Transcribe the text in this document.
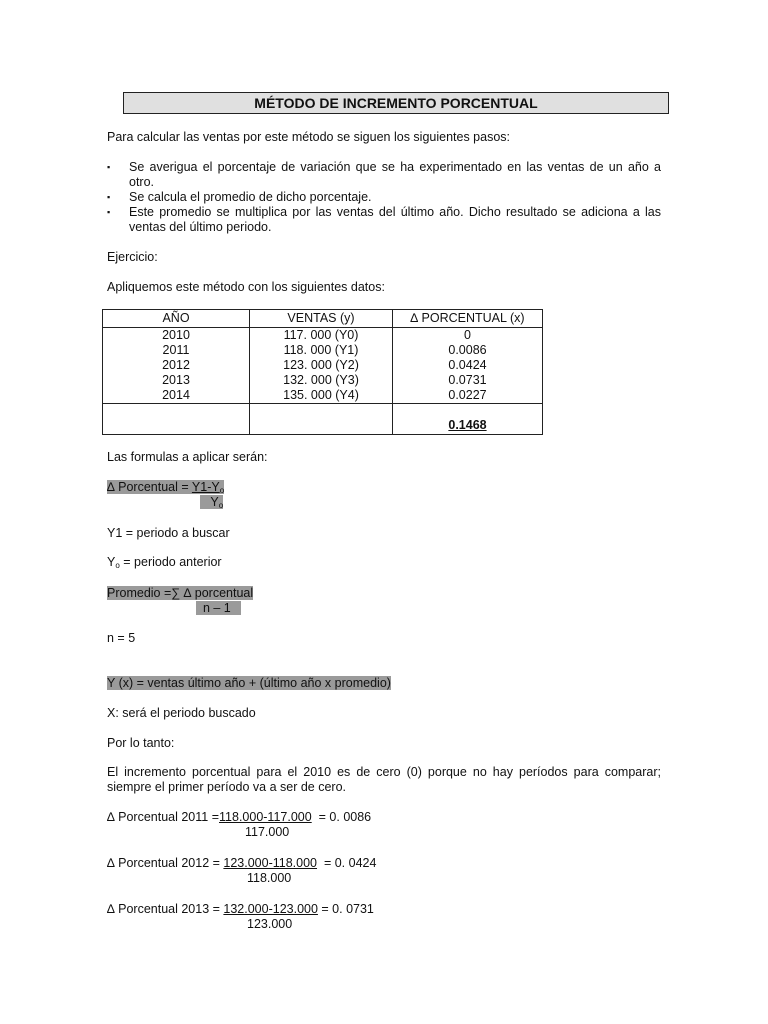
MÉTODO DE INCREMENTO PORCENTUAL
Para calcular las ventas por este método se siguen los siguientes pasos:
▪	Se averigua el porcentaje de variación que se ha experimentado en las ventas de un año a otro.
▪	Se calcula el promedio de dicho porcentaje.
▪	Este promedio se multiplica por las ventas del último año. Dicho resultado se adiciona a las ventas del último periodo.
Ejercicio:
Apliquemos este método con los siguientes datos:
AÑO	VENTAS (y)	∆ PORCENTUAL (x)
2010	117. 000 (Y0)	0
2011	118. 000 (Y1)	0.0086
2012	123. 000 (Y2)	0.0424
2013	132. 000 (Y3)	0.0731
2014	135. 000 (Y4)	0.0227
		0.1468
Las formulas a aplicar serán:
∆ Porcentual = $Y1-Y_o$
$Y_o$
Y1 = periodo a buscar
$Y_o$ = periodo anterior
Promedio =∑ ∆ porcentual
n – 1
n = 5
Y (x) = ventas último año + (último año x promedio)
X: será el periodo buscado
Por lo tanto:
El incremento porcentual para el 2010 es de cero (0) porque no hay períodos para comparar; siempre el primer período va a ser de cero.
∆ Porcentual 2011 =118.000-117.000  = 0. 0086
117.000
∆ Porcentual 2012 = 123.000-118.000  = 0. 0424
118.000
∆ Porcentual 2013 = 132.000-123.000 = 0. 0731
123.000
